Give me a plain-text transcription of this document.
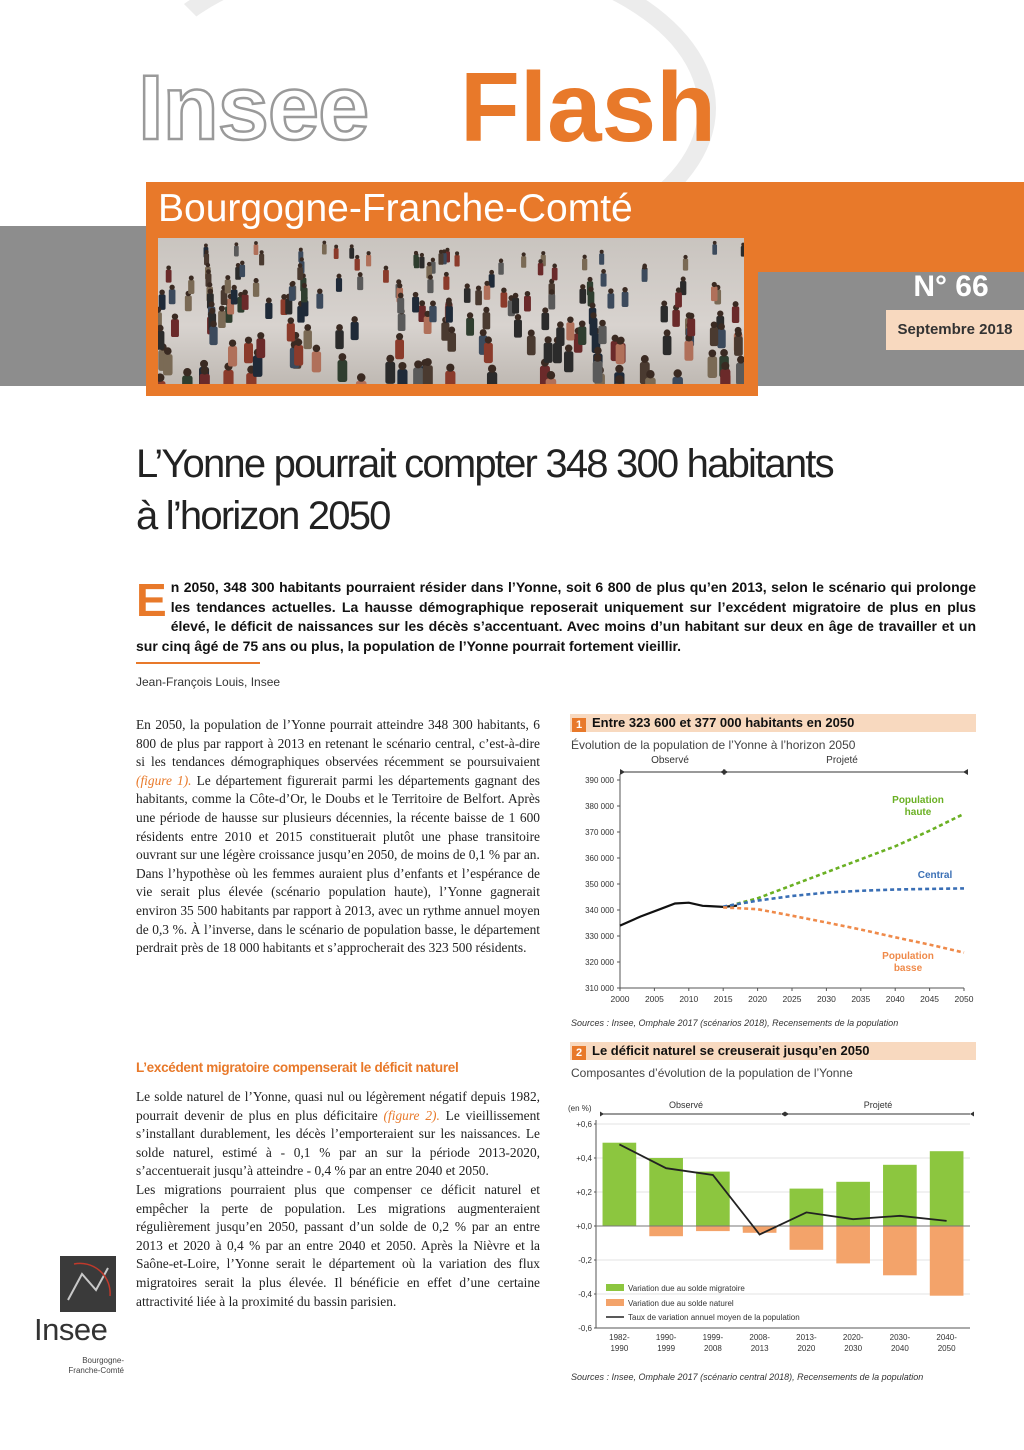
Insee Flash
Bourgogne-Franche-Comté
N° 66
Septembre 2018
L’Yonne pourrait compter 348 300 habitants
à l’horizon 2050
En 2050, 348 300 habitants pourraient résider dans l’Yonne, soit 6 800 de plus qu’en 2013, selon le scénario qui prolonge les tendances actuelles. La hausse démographique reposerait uniquement sur l’excédent migratoire de plus en plus élevé, le déficit de naissances sur les décès s’accentuant. Avec moins d’un habitant sur deux en âge de travailler et un sur cinq âgé de 75 ans ou plus, la population de l’Yonne pourrait fortement vieillir.
Jean-François Louis, Insee

En 2050, la population de l’Yonne pourrait atteindre 348 300 habitants, 6 800 de plus par rapport à 2013 en retenant le scénario central, c’est-à-dire si les tendances démographiques observées récemment se poursuivaient (figure 1). Le département figurerait parmi les départements gagnant des habitants, comme la Côte-d’Or, le Doubs et le Territoire de Belfort. Après une période de hausse sur plusieurs décennies, la récente baisse de 1 600 résidents entre 2010 et 2015 constituerait plutôt une phase transitoire ouvrant sur une légère croissance jusqu’en 2050, de moins de 0,1 % par an.

Dans l’hypothèse où les femmes auraient plus d’enfants et l’espérance de vie serait plus élevée (scénario population haute), l’Yonne gagnerait environ 35 500 habitants par rapport à 2013, avec un rythme annuel moyen de 0,3 %. À l’inverse, dans le scénario de population basse, le département perdrait près de 18 000 habitants et s’approcherait des 323 500 résidents.

L’excédent migratoire compenserait le déficit naturel

Le solde naturel de l’Yonne, quasi nul ou légèrement négatif depuis 1982, pourrait devenir de plus en plus déficitaire (figure 2). Le vieillissement s’installant durablement, les décès l’emporteraient sur les naissances. Le solde naturel, estimé à - 0,1 % par an sur la période 2013-2020, s’accentuerait jusqu’à atteindre - 0,4 % par an entre 2040 et 2050.

Les migrations pourraient plus que compenser ce déficit naturel et empêcher la perte de population. Les migrations augmenteraient régulièrement jusqu’en 2050, passant d’un solde de 0,2 % par an entre 2013 et 2020 à 0,4 % par an entre 2040 et 2050. Après la Nièvre et la Saône-et-Loire, l’Yonne serait le département où la variation des flux migratoires serait la plus élevée. Il bénéficie en effet d’une certaine attractivité liée à la proximité du bassin parisien.

1 Entre 323 600 et 377 000 habitants en 2050
Évolution de la population de l’Yonne à l’horizon 2050
310 000
320 000
330 000
340 000
350 000
360 000
370 000
380 000
390 000
2000 2005 2010 2015 2020 2025 2030 2035 2040 2045 2050
Observé	Projeté
Population haute
Central
Population basse
Sources : Insee, Omphale 2017 (scénarios 2018), Recensements de la population
2 Le déficit naturel se creuserait jusqu’en 2050
Composantes d’évolution de la population de l’Yonne
(en %)
+0,6
+0,4
+0,2
+0,0
-0,2
-0,4
-0,6
1982-1990
1990-1999
1999-2008
2008-2013
2013-2020
2020-2030
2030-2040
2040-2050
Observé	Projeté
Variation due au solde migratoire
Variation due au solde naturel
Taux de variation annuel moyen de la population
Sources : Insee, Omphale 2017 (scénario central 2018), Recensements de la population
Insee
Bourgogne-
Franche-Comté
